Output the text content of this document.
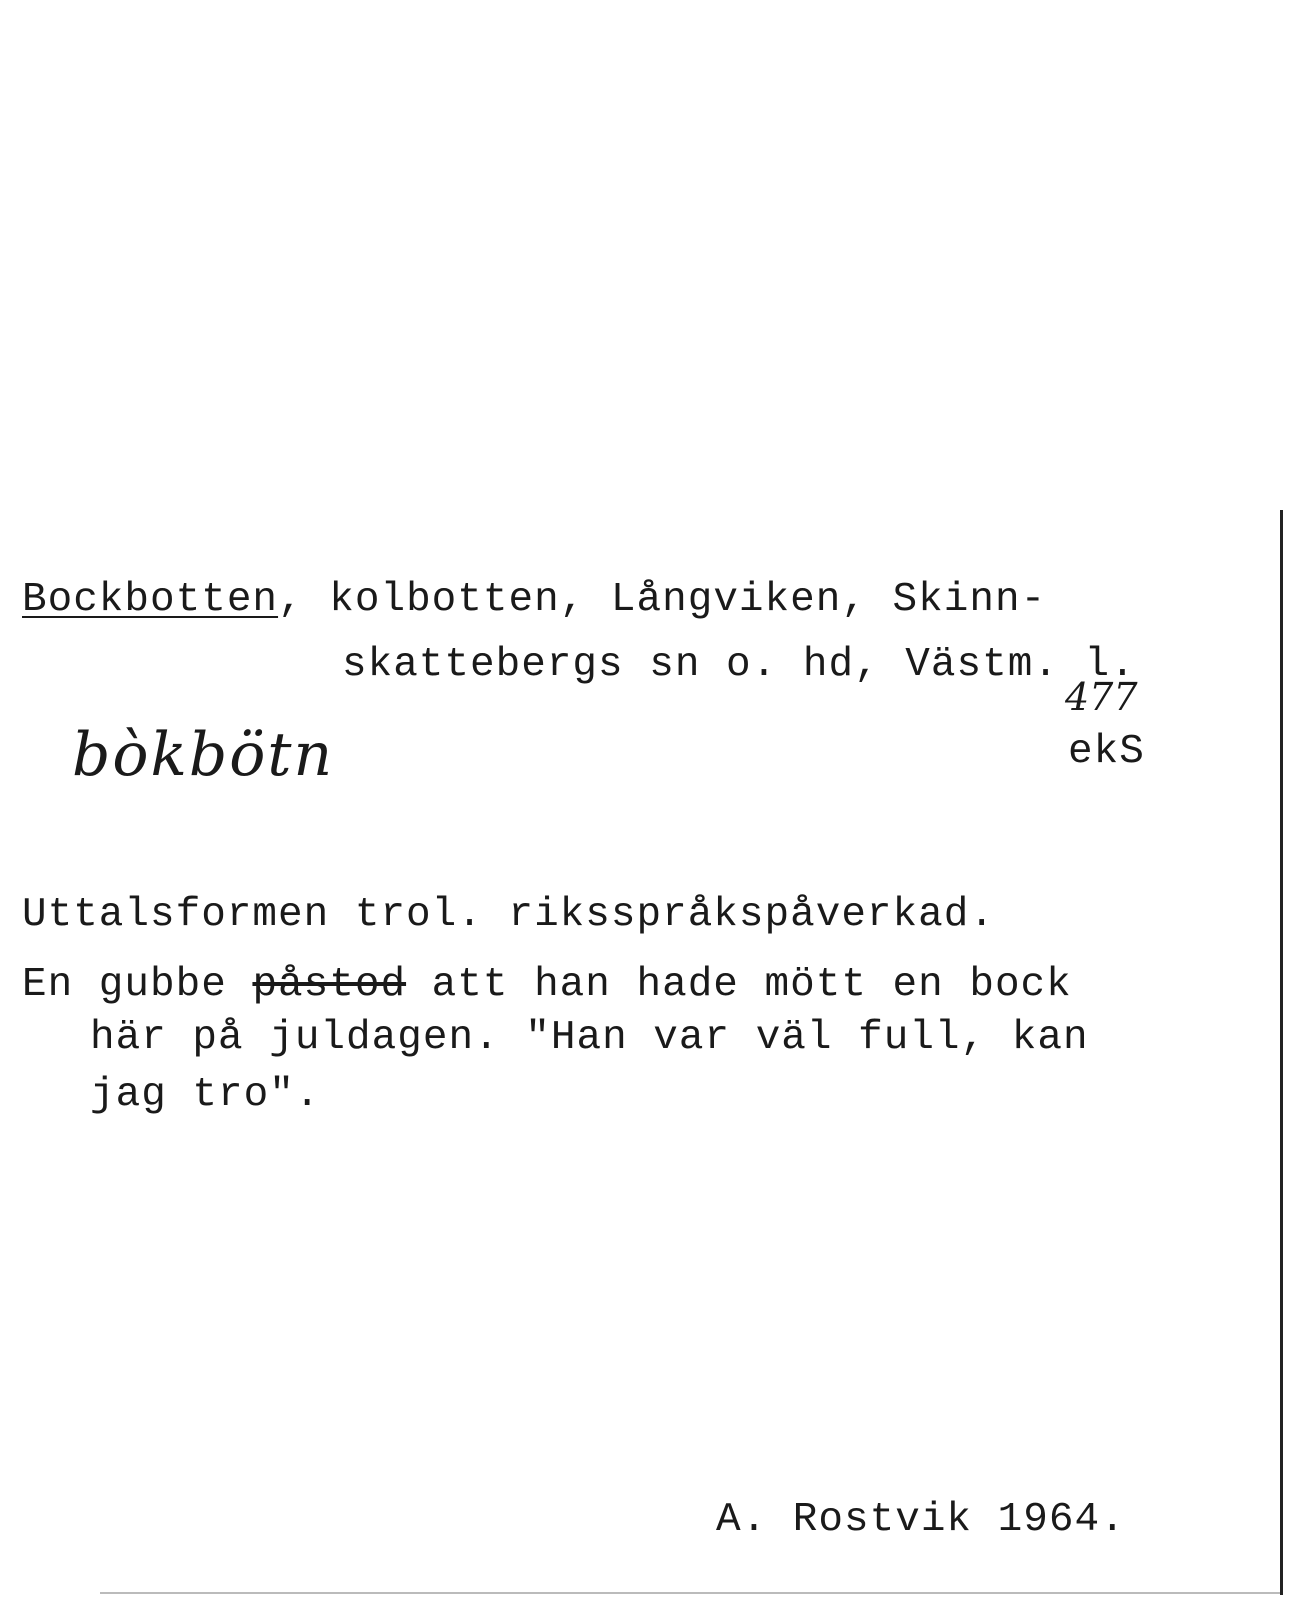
Bockbotten, kolbotten, Långviken, Skinn-
skattebergs sn o. hd, Västm. l.
477
ekS
bòkbötn
Uttalsformen trol. riksspråkspåverkad.
En gubbe påstod att han hade mött en bock
här på juldagen. "Han var väl full, kan
jag tro".
A. Rostvik 1964.
